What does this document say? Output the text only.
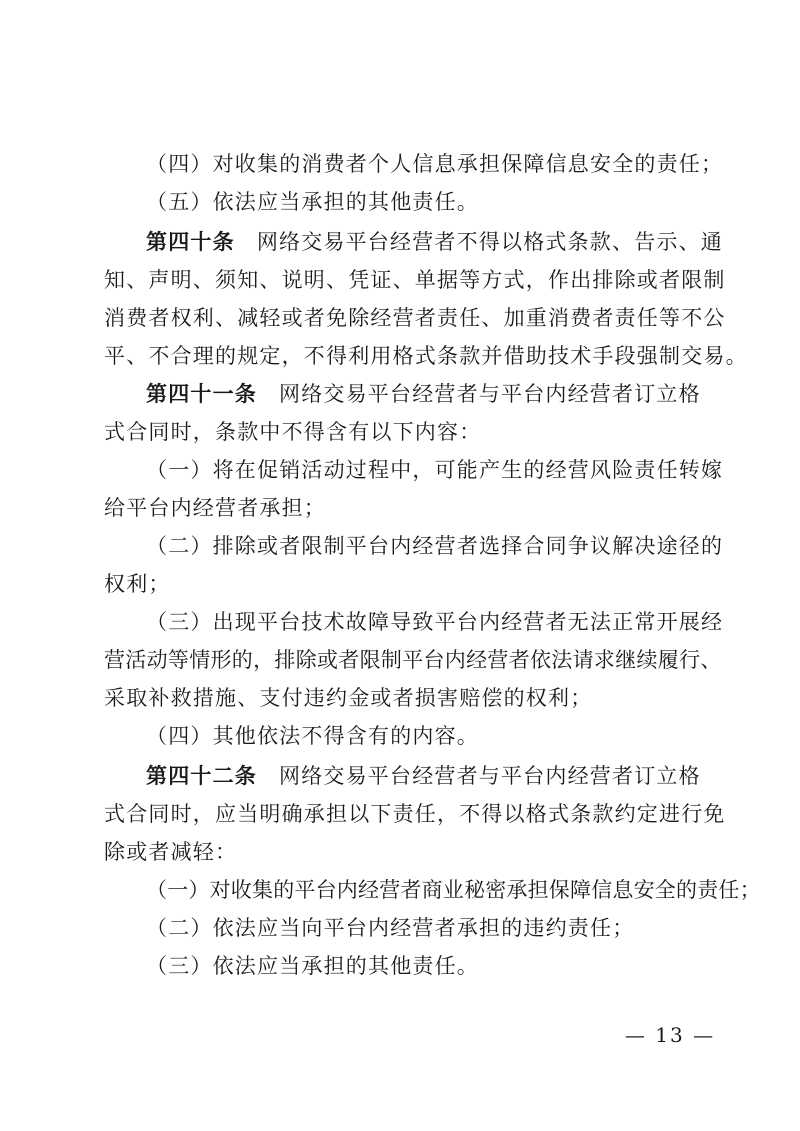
（四）对收集的消费者个人信息承担保障信息安全的责任；
（五）依法应当承担的其他责任。
第四十条 网络交易平台经营者不得以格式条款、告示、通
知、声明、须知、说明、凭证、单据等方式，作出排除或者限制
消费者权利、减轻或者免除经营者责任、加重消费者责任等不公
平、不合理的规定，不得利用格式条款并借助技术手段强制交易。
第四十一条 网络交易平台经营者与平台内经营者订立格
式合同时，条款中不得含有以下内容：
（一）将在促销活动过程中，可能产生的经营风险责任转嫁
给平台内经营者承担；
（二）排除或者限制平台内经营者选择合同争议解决途径的
权利；
（三）出现平台技术故障导致平台内经营者无法正常开展经
营活动等情形的，排除或者限制平台内经营者依法请求继续履行、
采取补救措施、支付违约金或者损害赔偿的权利；
（四）其他依法不得含有的内容。
第四十二条 网络交易平台经营者与平台内经营者订立格
式合同时，应当明确承担以下责任，不得以格式条款约定进行免
除或者减轻：
（一）对收集的平台内经营者商业秘密承担保障信息安全的责任；
（二）依法应当向平台内经营者承担的违约责任；
（三）依法应当承担的其他责任。
— 13 —
